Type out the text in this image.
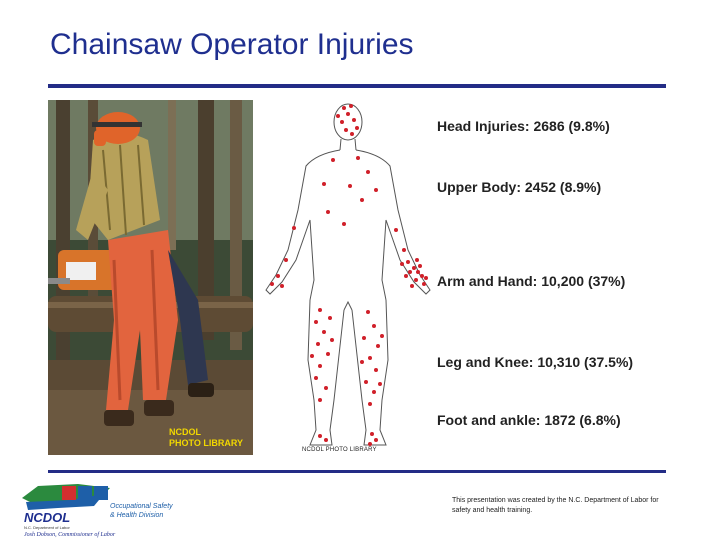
Chainsaw Operator Injuries
NCDOL
PHOTO LIBRARY
NCDOL PHOTO LIBRARY
Head Injuries: 2686 (9.8%)
Upper Body: 2452 (8.9%)
Arm and Hand: 10,200 (37%)
Leg and Knee: 10,310 (37.5%)
Foot and ankle: 1872 (6.8%)
NCDOL
N.C. Department of Labor
Occupational Safety
& Health Division
Josh Dobson, Commissioner of Labor
This presentation was created by the N.C. Department of Labor for safety and health training.
